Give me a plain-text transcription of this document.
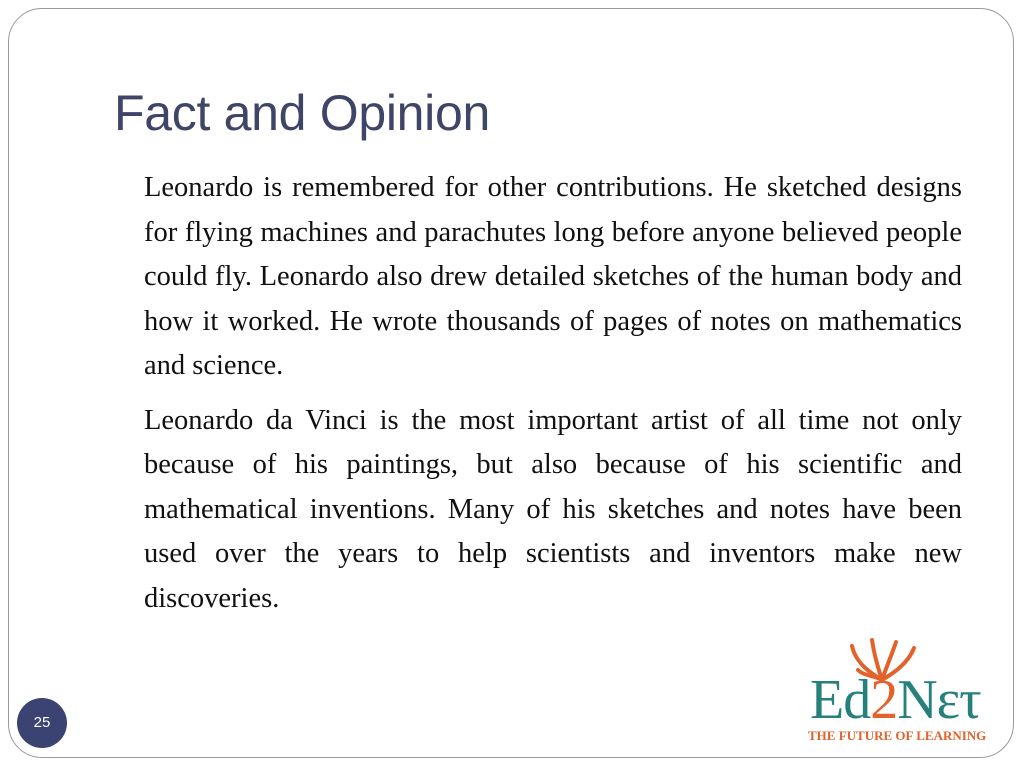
Fact and Opinion

Leonardo is remembered for other contributions. He sketched designs for flying machines and parachutes long before anyone believed people could fly. Leonardo also drew detailed sketches of the human body and how it worked. He wrote thousands of pages of notes on mathematics and science.

Leonardo da Vinci is the most important artist of all time not only because of his paintings, but also because of his scientific and mathematical inventions. Many of his sketches and notes have been used over the years to help scientists and inventors make new discoveries.

25	Ed2Nετ
THE FUTURE OF LEARNING
